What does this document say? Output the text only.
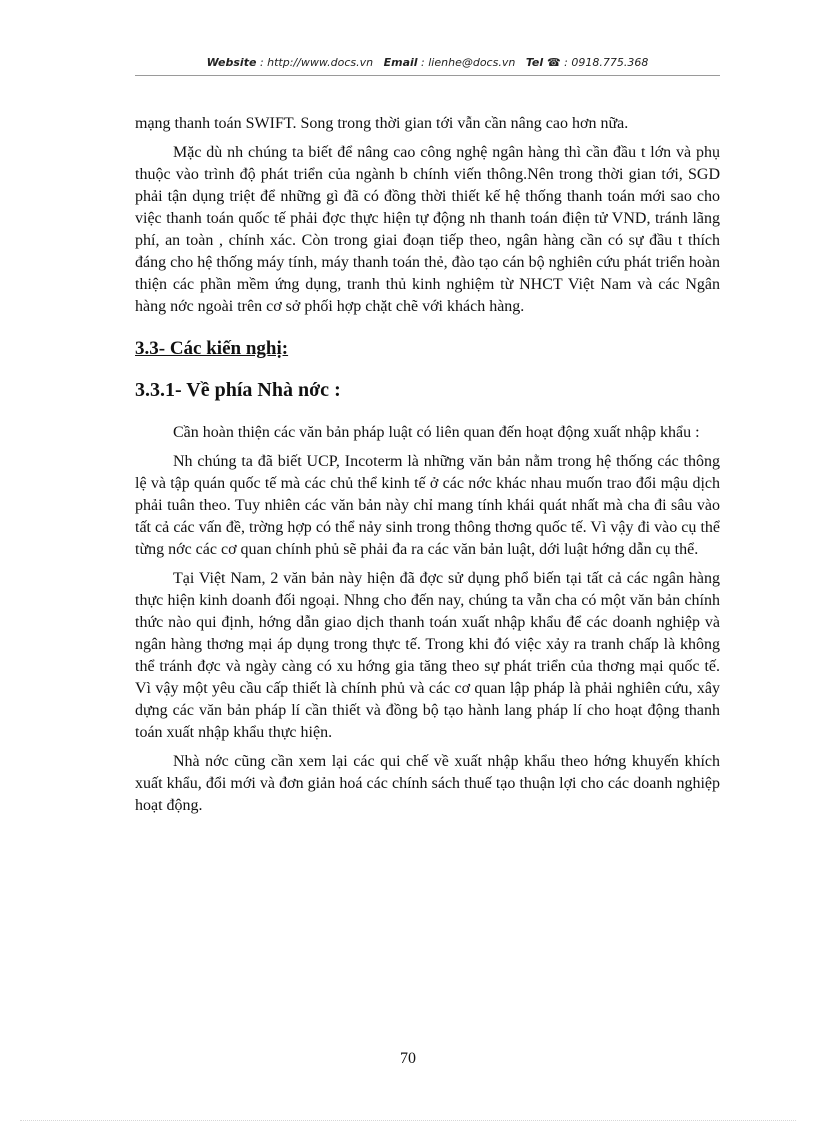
Website : http://www.docs.vn Email : lienhe@docs.vn Tel ☎ : 0918.775.368

mạng thanh toán SWIFT. Song trong thời gian tới vẫn cần nâng cao hơn nữa.

Mặc dù nh chúng ta biết để nâng cao công nghệ ngân hàng thì cần đầu t lớn và phụ thuộc vào trình độ phát triển của ngành b chính viến thông.Nên trong thời gian tới, SGD phải tận dụng triệt để những gì đã có đồng thời thiết kế hệ thống thanh toán mới sao cho việc thanh toán quốc tế phải đợc thực hiện tự động nh thanh toán điện tử VND, tránh lãng phí, an toàn , chính xác. Còn trong giai đoạn tiếp theo, ngân hàng cần có sự đầu t thích đáng cho hệ thống máy tính, máy thanh toán thẻ, đào tạo cán bộ nghiên cứu phát triển hoàn thiện các phần mềm ứng dụng, tranh thủ kinh nghiệm từ NHCT Việt Nam và các Ngân hàng nớc ngoài trên cơ sở phối hợp chặt chẽ với khách hàng.

3.3- Các kiến nghị:
3.3.1- Về phía Nhà nớc :

Cần hoàn thiện các văn bản pháp luật có liên quan đến hoạt động xuất nhập khẩu :

Nh chúng ta đã biết UCP, Incoterm là những văn bản nằm trong hệ thống các thông lệ và tập quán quốc tế mà các chủ thể kinh tế ở các nớc khác nhau muốn trao đổi mậu dịch phải tuân theo. Tuy nhiên các văn bản này chỉ mang tính khái quát nhất mà cha đi sâu vào tất cả các vấn đề, trờng hợp có thể nảy sinh trong thông thơng quốc tế. Vì vậy đi vào cụ thể từng nớc các cơ quan chính phủ sẽ phải đa ra các văn bản luật, dới luật hớng dẫn cụ thể.

Tại Việt Nam, 2 văn bản này hiện đã đợc sử dụng phổ biến tại tất cả các ngân hàng thực hiện kinh doanh đối ngoại. Nhng cho đến nay, chúng ta vẫn cha có một văn bản chính thức nào qui định, hớng dẫn giao dịch thanh toán xuất nhập khẩu để các doanh nghiệp và ngân hàng thơng mại áp dụng trong thực tế. Trong khi đó việc xảy ra tranh chấp là không thể tránh đợc và ngày càng có xu hớng gia tăng theo sự phát triển của thơng mại quốc tế. Vì vậy một yêu cầu cấp thiết là chính phủ và các cơ quan lập pháp là phải nghiên cứu, xây dựng các văn bản pháp lí cần thiết và đồng bộ tạo hành lang pháp lí cho hoạt động thanh toán xuất nhập khẩu thực hiện.

Nhà nớc cũng cần xem lại các qui chế về xuất nhập khẩu theo hớng khuyến khích xuất khẩu, đổi mới và đơn giản hoá các chính sách thuế tạo thuận lợi cho các doanh nghiệp hoạt động.

70
